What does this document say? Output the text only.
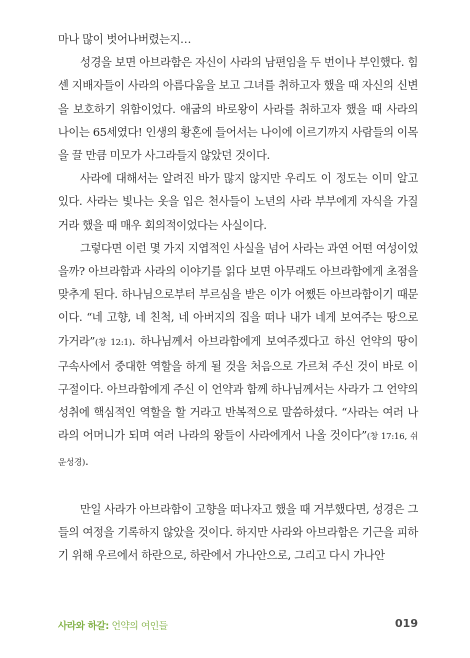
마나 많이 벗어나버렸는지…

성경을 보면 아브라함은 자신이 사라의 남편임을 두 번이나 부인했다. 힘센 지배자들이 사라의 아름다움을 보고 그녀를 취하고자 했을 때 자신의 신변을 보호하기 위함이었다. 애굽의 바로왕이 사라를 취하고자 했을 때 사라의 나이는 65세였다! 인생의 황혼에 들어서는 나이에 이르기까지 사람들의 이목을 끌 만큼 미모가 사그라들지 않았던 것이다.

사라에 대해서는 알려진 바가 많지 않지만 우리도 이 정도는 이미 알고 있다. 사라는 빛나는 옷을 입은 천사들이 노년의 사라 부부에게 자식을 가질 거라 했을 때 매우 회의적이었다는 사실이다.

그렇다면 이런 몇 가지 지엽적인 사실을 넘어 사라는 과연 어떤 여성이었을까? 아브라함과 사라의 이야기를 읽다 보면 아무래도 아브라함에게 초점을 맞추게 된다. 하나님으로부터 부르심을 받은 이가 어쨌든 아브라함이기 때문이다. “네 고향, 네 친척, 네 아버지의 집을 떠나 내가 네게 보여주는 땅으로 가거라”(창 12:1). 하나님께서 아브라함에게 보여주겠다고 하신 언약의 땅이 구속사에서 중대한 역할을 하게 될 것을 처음으로 가르쳐 주신 것이 바로 이 구절이다. 아브라함에게 주신 이 언약과 함께 하나님께서는 사라가 그 언약의 성취에 핵심적인 역할을 할 거라고 반복적으로 말씀하셨다. “사라는 여러 나라의 어머니가 되며 여러 나라의 왕들이 사라에게서 나올 것이다”(창 17:16, 쉬운성경).

만일 사라가 아브라함이 고향을 떠나자고 했을 때 거부했다면, 성경은 그들의 여정을 기록하지 않았을 것이다. 하지만 사라와 아브라함은 기근을 피하기 위해 우르에서 하란으로, 하란에서 가나안으로, 그리고 다시 가나안

사라와 하갈: 언약의 여인들	019
